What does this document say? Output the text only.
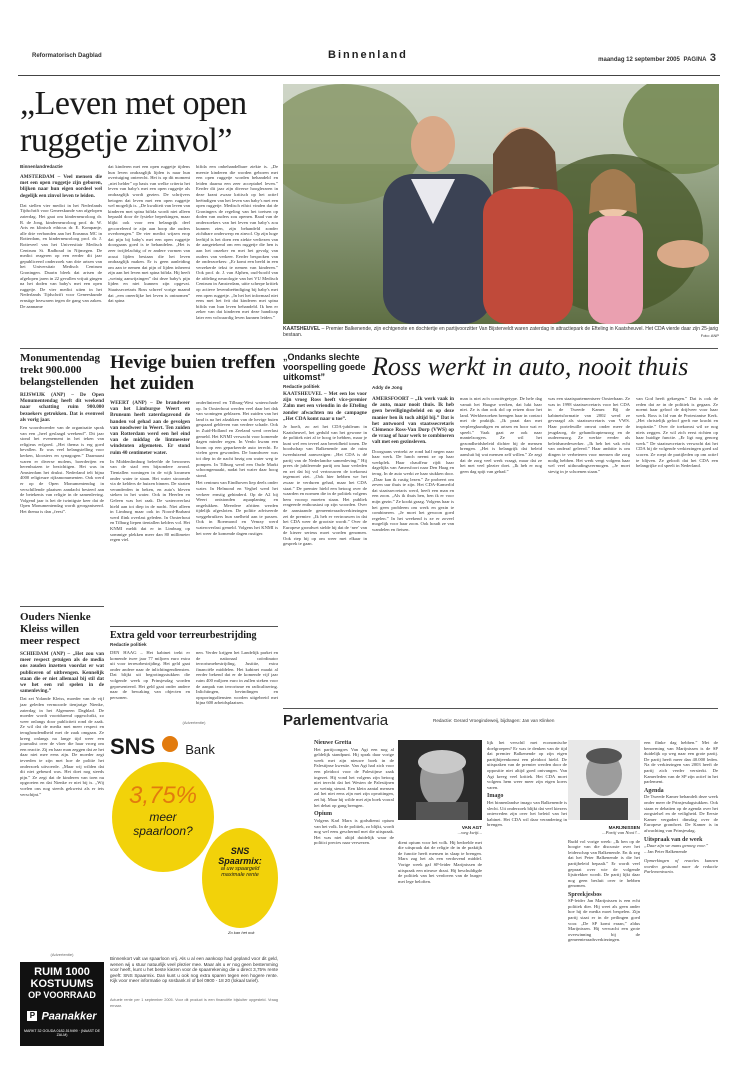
Reformatorisch Dagblad	Binnenland	maandag 12 september 2005 PAGINA 3
„Leven met open ruggetje zinvol”
Binnenlandredactie

AMSTERDAM – Veel mensen die met een open ruggetje zijn geboren, blijken naar hun eigen oordeel wel degelijk een zinvol leven te leiden.

Dat stellen vier medici in het Nederlands Tijdschrift voor Geneeskunde van afgelopen zaterdag. Het gaat om kinderneuroloog dr. R. de Jong, kinderneuroloog prof. dr. W. Arts en klinisch ethicus dr. E. Kompanje, alle drie verbonden aan het Erasmus MC in Rotterdam, en kinderneuroloog prof. dr. J. Rotteveel van het Universitair Medisch Centrum St. Radboud in Nijmegen. De medici reageren op een eerder dit jaar gepubliceerd onderzoek van drie artsen van het Universitair Medisch Centrum Groningen. Daarin bleek dat artsen de afgelopen jaren in 22 gevallen vrijuit gingen na het doden van baby's met een open ruggetje. De vier medici uiten in het Nederlands Tijdschrift voor Geneeskunde ernstige bezwaren tegen de gang van zaken. De aanname

dat kinderen met een open ruggetje tijdens hun leven ondraaglijk lijden is naar hun overtuiging onterecht. Het is op dit moment „niet helder” op basis van welke criteria het leven van baby's met een open ruggetje als ondraaglijk wordt gezien. De schrijvers betogen dat leven met een open ruggetje wel mogelijk is. „De kwaliteit van leven van kinderen met spina bifida wordt niet alleen bepaald door de fysieke beperkingen, maar blijkt ook voor een belangrijk deel gecorreleerd te zijn aan hoop die ouders overbrengen.” De vier medici wijzen erop dat pijn bij baby's met een open ruggetje doorgaans goed is te behandelen. „Het is zeer twijfelachtig of er andere vormen van acuut lijden bestaan die het leven ondraaglijk maken. Er is geen aanleiding om aan te nemen dat pijn of lijden inherent zijn aan het leven met spina bifida. Hij heeft „weinig aanwijzingen” dat deze baby's pijn lijden en niet kunnen zijn opgevat. Staatssecretaris Ross schreef vorige maand dat „een oneerlijke het leven is ontnomen” dat spina

bifida een onbehandelbare ziekte is. „De meeste kinderen die worden geboren met een open ruggetje worden behandeld en leiden daarna een zeer acceptabel leven.” Eerder dit jaar zijn diverse hoogleraren in deze krant zwaar kritisch op het actief beëindigen van het leven van baby's met een open ruggetje. Medisch ethici vinden dat de Groningers de regeling van het toetsen op doden van ouders zou openen. Raad van de onderzoekers van het leven van baby's zou kunnen zien, zijn behandeld zonder zichtbare onderwerp en zinvol. Op zijn hoge leeftijd is het doen een ziekte verliezen van de aangetekend om een ruggetje die hen is aan het onzeker en met het gevolg van ouders van verkeer. Eerder besproken van de onderzoekers: „Er komt een beeld in een verzekerde tekst te nemen van kinderen.” Ook prof. dr. J. van Alphen, oud-hoofd van de afdeling neurologie van het VU Medisch Centrum in Amsterdam, uitte scherpe kritiek op actieve levensbeëindiging bij baby's met een open ruggetje. „In het het informaal niet eens met het feit dat kinderen met spina bifida van hun leven behandeld. Ik ben er zeker van dat kinderen met deze handicap later een volwaardig leven kunnen leiden.”

KAATSHEUVEL – Premier Balkenende, zijn echtgenote en dochtertje en partijvoorzitter Van Bijsterveldt waren zaterdag in attractiepark de Efteling in Kaatsheuvel. Het CDA vierde daar zijn 25-jarig bestaan.	Foto: ANP
Monumentendag trekt 900.000 belangstellenden

RIJSWIJK (ANP) – De Open Monumentendag heeft dit weekend naar schatting ruim 900.000 bezoekers getrokken. Dat is evenveel als vorig jaar.

Een woordvoerder van de organisatie sprak van een „heel geslaagd weekend”. Dit jaar stond het evenement in het teken van religieus erfgoed. „Het thema is erg goed bevallen. Er was veel belangstelling voor kerken, kloosters en synagogen.” Daarnaast waren er diverse molens, boerderijen en herenhuizen te bezichtigen. Het was in Amsterdam het drukst. Nederland telt bijna 4000 religieuze rijksmonumenten. Ook werd er op de Open Monumentendag in verschillende plaatsen aandacht besteed aan de betekenis van religie in de samenleving. Volgend jaar is het de twintigste keer dat de Open Monumentendag wordt georganiseerd. Het thema is dan „feest”.

Ouders Nienke Kleiss willen meer respect

SCHIEDAM (ANP) – „Het zou van meer respect getuigen als de media ons zouden inzetten voordat er wat publiceren of uitbrengen. Kennelijk staan die er niet allemaal bij stil dat we het een rol spelen in de samenleving.”

Dat zei Yolande Kleiss, moeder van de vijf jaar geleden vermoorde tienjarige Nienke, zaterdag in het Algemeen Dagblad. De moeder wordt voortdurend opgeschrikt, zo weer onlangs door publiciteit rond de zaak. Ze wil dat de media met meer respect en terughoudendheid met de zaak omgaan. Ze kreeg onlangs na lange tijd weer een journalist over de vloer die haar vroeg om een reactie. Zij en haar man zeggen dat ze het daar niet mee eens zijn. De moeder zegt tevreden te zijn met hoe de politie het onderzoek uitvoerde. „Maar wij wilden dat dit niet gebeurd was. Het doet nog steeds pijn.” Ze zegt dat de kinderen van toen nu opgroeien en dat Nienke er niet bij is. „Wij voelen ons nog steeds gekwetst als er iets verschijnt.”

Hevige buien treffen het zuiden

WEERT (ANP) – De brandweer van het Limburgse Weert en Brunsum heeft zaterdagavond de handen vol gehad aan de gevolgen van noodweer in Weert. Ten zuiden van Rotterdam werd een hel eind van de middag de lintmeester windstoten afgemeten. Er stond ruim 40 centimeter water.

In Middenlimburg beleefde de bewoners van de stad een bijzondere avond. Tientallen woningen in de wijk kwamen onder water te staan. Het water stroomde via de kelders de huizen binnen. De straten veranderden in beken, en auto's bleven steken in het water. Ook in Heerlen en Geleen was het raak. De wateroverlast hield aan tot diep in de nacht. Niet alleen in Limburg maar ook in Noord-Brabant werd flink overlast geleden. In Oosterhout en Tilburg liepen tientallen kelders vol. Het KNMI meldt dat er in Limburg op sommige plekken meer dan 80 millimeter regen viel.

onderlinieerd en Tilburg-West waterschade op. In Oosterhout werden veel daar het dak van woningen geblazen. Het zuiden van het land is na het afzakken van de hevige buien gespaard gebleven van verdere schade. Ook in Zuid-Holland en Zeeland werd overlast gemeld. Het KNMI verwacht voor komende dagen minder regen. In Venlo kwam een boom op een geparkeerde auto terecht. Er vielen geen gewonden. De brandweer was tot diep in de nacht bezig om water weg te pompen. In Tilburg werd een Oude Markt schoongemaakt, nadat het water daar hoog stond.

Het centrum van Eindhoven liep deels onder water. In Helmond en Veghel werd het verkeer ernstig gehinderd. Op de A2 bij Weert ontstonden aquaplaning en ongelukken. Meerdere afritten werden tijdelijk afgesloten. De politie adviseerde weggebruikers hun snelheid aan te passen. Ook in Roermond en Venray werd wateroverlast gemeld. Volgens het KNMI is het weer de komende dagen rustiger.

Extra geld voor terreurbestrijding
Redactie politiek

DEN HAAG – Het kabinet trekt er komende twee jaar 77 miljoen euro extra uit voor terreurbestrijding. Het geld gaat onder andere naar de inlichtingendiensten. Dat blijkt uit begrotingsstukken die volgende week op Prinsjesdag worden gepresenteerd. Het geld gaat onder andere naar de bewaking van objecten en personen.

nen. Verder krijgen het Landelijk parket en de nationaal coördinator terrorismebestrijding, Justitie, extra financiële middelen. Het kabinet maakt al eerder bekend dat er de komende vijf jaar ruim 400 miljoen euro in zullen steken voor de aanpak van terrorisme en radicalisering. Inlichtingen, bevindingen en opsporingsdiensten worden uitgebreid met bijna 600 arbeidsplaatsen.

„Ondanks slechte voorspelling goede uitkomst”
Redactie politiek

KAATSHEUVEL – Met een los voor zijn vroeg Ross heeft vice-premier Zalm met een vriendin in de Efteling zonder afwachten nu de campagne „Het CDA komt naar u toe”.

Je hoeft, zo zei het CDA-jubileum in Kaatsheuvel, het geduld van het gewone in de politiek niet al te hoog te hebben, maar je kunt wel een teveel aan bereidheid tonen. De boodschap van Balkenende aan de ruim tweeduizend aanwezigen: „Het CDA is dé partij van de Nederlandse samenleving.” Hij prees de jubilerende partij om haar verleden en zei dat hij vol vertrouwen de toekomst tegemoet ziet. „Ook hier hebben we het zwaar te verduren gehad, maar het CDA staat.” De premier hield een betoog over de waarden en normen die in de politiek volgens hem voorop moeten staan. Het publiek reageerde enthousiast op zijn woorden. Over de aanstaande gemeenteraadsverkiezingen zei de premier: „Ik heb er vertrouwen in dat het CDA weer de grootste wordt.” Over de Europese grondwet stelde hij dat de ‘nee’ van de kiezer serieus moet worden genomen. Ook riep hij op om weer met elkaar in gesprek te gaan.

Ross werkt in auto, nooit thuis
Addy de Jong

AMERSFOORT – „Ik werk vaak in de auto, maar nooit thuis. Ik heb geen beveiligingsbeleid en op deze manier ben ik toch altijd bij.” Dat is het antwoord van staatssecretaris Clémence Ross-Van Dorp (VWS) op de vraag of haar werk te combineren valt met een gezinsleven.

Doorgaans vertrekt ze rond half negen naar haar werk. De lunch neemt ze op haar werkplek. Haar chauffeur rijdt haar dagelijks van Amersfoort naar Den Haag en terug. In de auto werkt ze haar stukken door. „Daar kan ik rustig lezen.” Ze probeert om zeven uur thuis te zijn. Het CDA-Kamerlid dat staatssecretaris werd, heeft een man en een zoon. „Als ik thuis ben, ben ik er voor mijn gezin.” Ze kookt graag. Volgens haar is het geen probleem om werk en gezin te combineren. „Je moet het gewoon goed regelen.” In het weekend is ze er zoveel mogelijk voor haar zoon. Ook houdt ze van wandelen en fietsen.

man is niet zo'n conciërgetype. De hele dag vanuit het Haagse werken, dat lukt haar niet. Ze is dan ook dol op reizen door het land. Werkbezoeken brengen haar in contact met de praktijk. „Ik praat dan met verpleegkundigen en artsen en hoor wat er speelt.” Vaak gaat ze ook naar mantelzorgers. Ze wil het gezondheidsbeleid dichter bij de mensen brengen. „Het is belangrijk dat beleid aansluit bij wat mensen zelf willen.” Ze zegt dat de zorg veel werk vraagt, maar dat ze het met veel plezier doet. „Ik heb er nog geen dag spijt van gehad.”

was een staatspartementseer Oosterbaan. Ze was in 1998 staatssecretaris voor het CDA in de Tweede Kamer. Bij de kabinetsformatie van 2002 werd ze gevraagd als staatssecretaris van VWS. Haar portefeuille omvat onder meer de jeugdzorg, de gehandicaptenzorg en de ouderenzorg. Ze werkte eerder als beleidsmedewerker. „Ik heb het vak echt van onderaf geleerd.” Haar ambitie is om dingen te verbeteren voor mensen die zorg nodig hebben. Het werk vergt volgens haar wel veel uithoudingsvermogen. „Je moet stevig in je schoenen staan.”

van God heeft gekregen.” Dat is ook de reden dat ze in de politiek is gegaan. Ze noemt haar geloof de drijfveer voor haar werk. Ross is lid van de Protestantse Kerk. „Het christelijk geloof geeft me kracht en inspiratie.” Over de toekomst wil ze nog niets zeggen. Ze wil zich eerst richten op haar huidige functie. „Er ligt nog genoeg werk.” De staatssecretaris verwacht dat het CDA bij de volgende verkiezingen goed zal scoren. Ze roept de partijleden op om actief te blijven. Ze gelooft dat het CDA een belangrijke rol speelt in Nederland.

Parlementvaria	Redactie: Gerard Vroegindeweij, bijdragen: Jan van Klinken

Nieuwe Gretta

Het partijcongres Van Agt een nog al geldelijk standpunt. Hij sprak daar vorige week met zijn nieuwe boek in de Palestijnse kwestie. Van Agt had zich voor een pleidooi voor de Palestijnse zaak ingezet. Hij vond het volgens zijn betoog niet terecht dat het Westen de Palestijnen zo weinig steunt. Een klein aantal mensen zal het niet eens zijn met zijn opvattingen, zei hij. Maar hij wilde met zijn boek vooral het debat op gang brengen.

Opium

Volgens Karl Marx is godsdienst opium van het volk. In de politiek, zo blijkt, wordt nog wel eens geschermd met die uitspraak. Het was niet altijd duidelijk waar de politici precies naar verwezen.

VAN AGT
...weg kwijt...

dient opium voor het volk. Hij bedoelde met die uitspraak dat de religie de in de praktijk de functie heeft mensen in slaap te brengen. Marx zag het als een verdovend middel. Vorige week gaf SP-leider Marijnissen de uitspraak een nieuwe draai. Hij beschuldigde de politiek van het verdoven van de burger met lege beloften.

lijk het verschil met economische doelgroepen? Er was te denken van de tijd dat premier Balkenende op zijn eigen partijbijeenkomst een pleidooi hield. De uitspraken van de premier werden door de oppositie niet altijd goed ontvangen. Van Agt kreeg veel kritiek. Het CDA moet volgens hem weer meer zijn eigen koers varen.

Imago

Het binnenlandse imago van Balkenende is slecht. Uit onderzoek blijkt dat veel kiezers ontevreden zijn over het beleid van het kabinet. Het CDA wil daar verandering in brengen.

MARIJNISSEN
...Partij van Noot?...

Rudd vol vorige week: „Ik ben op de hoogte van die discussie over het leiderschap van Balkenende. En ik zeg dat het Peter Balkenende is die het partijbeleid bepaalt.” Er wordt veel gepraat over wie de volgende lijsttrekker wordt. De partij lijkt daar nog geen besluit over te hebben genomen.

Spreekjesbos

SP-leider Jan Marijnissen is een echt politiek dier. Hij weet als geen ander hoe hij de media moet bespelen. Zijn partij staat er in de peilingen goed voor. „De SP komt eraan,” aldus Marijnissen. Hij verwacht een grote overwinning bij de gemeenteraadsverkiezingen.

een flinke dag hebben.” Met de benoeming van Marijnissen is de SP duidelijk op weg naar een grote partij. De partij heeft meer dan 40.000 leden. Na de verkiezingen van 2003 heeft de partij zich verder versterkt. De Kamerleden van de SP zijn actief in het parlement.

Agenda

De Tweede Kamer behandelt deze week onder meer de Prinsjesdagstukken. Ook staan er debatten op de agenda over het zorgstelsel en de veiligheid. De Eerste Kamer vergadert dinsdag over de Europese grondwet. De Kamer is in afwachting van Prinsjesdag.

Uitspraak van de week

„Daar zijn we mans genoeg voor.”

– Jan Peter Balkenende

Opmerkingen of reacties kunnen worden gestuurd naar de redactie Parlementvaria.

(Advertentie)
SNS Bank
3,75%
meer
spaarloon?
SNS
Spaarmix:
al uw spaargeld
maximale rente
Zo kan het ook

Binnenkort valt uw spaarloon vrij. Als u al een aankoop had gepland voor dit geld, wenen wij u stuur natuurlijk veel plezier mee. Maar als u er nog geen bestemming voor heeft, kunt u het beste kiezen voor de spaarrekening die u direct 3,75% rente geeft: SNS Spaarmix. Dan kunt u ook nog extra sparen tegen een hogere rente. Kijk voor meer informatie op snsbank.nl of bel 0900 - 18 20 (lokaal tarief).

Actuele rente per 1 september 2005. Voor dit product is een financiële bijsluiter opgesteld. Vraag ernaar.

(Advertentie)
RUIM 1000
KOSTUUMS
OP VOORRAAD
P Paanakker
MARKT 32 GOUDA 0182-519499 · (NAAST DE ZALM)
